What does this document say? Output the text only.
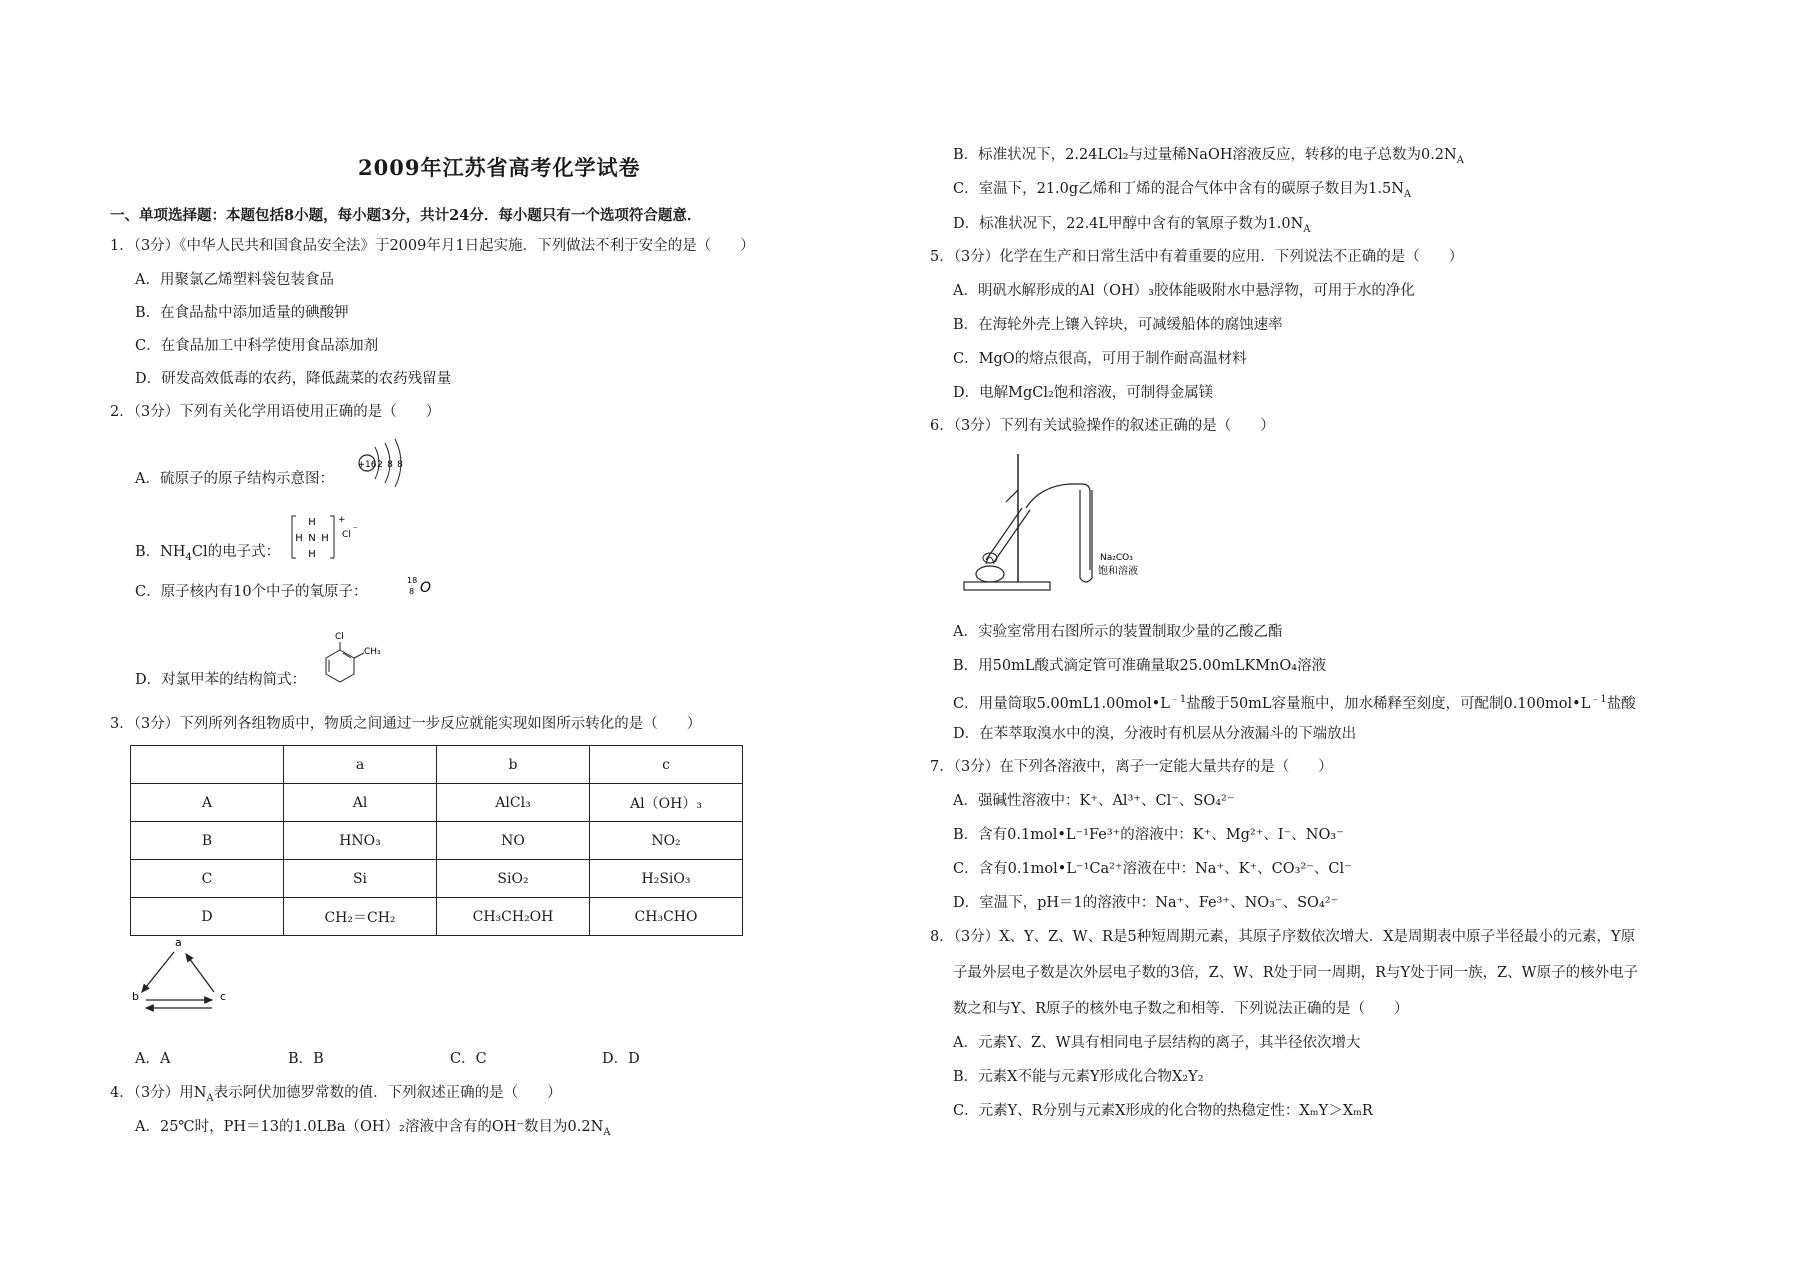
2009年江苏省高考化学试卷
一、单项选择题：本题包括8小题，每小题3分，共计24分．每小题只有一个选项符合题意．
1．（3分）《中华人民共和国食品安全法》于2009年月1日起实施．下列做法不利于安全的是（　　）
A．用聚氯乙烯塑料袋包装食品
B．在食品盐中添加适量的碘酸钾
C．在食品加工中科学使用食品添加剂
D．研发高效低毒的农药，降低蔬菜的农药残留量
2．（3分）下列有关化学用语使用正确的是（　　）
A．硫原子的原子结构示意图：
+16 2 8 8
B．$NH_4Cl$的电子式：
H
H N H
H
+
Cl ⁻
C．原子核内有10个中子的氧原子：
18
8 O
D．对氯甲苯的结构简式：
Cl
CH₃
3．（3分）下列所列各组物质中，物质之间通过一步反应就能实现如图所示转化的是（　　）
	a	b	c
A	Al	AlCl₃	Al（OH）₃
B	HNO₃	NO	NO₂
C	Si	SiO₂	H₂SiO₃
D	CH₂＝CH₂	CH₃CH₂OH	CH₃CHO
a
b	c
A．A	B．B	C．C	D．D
4．（3分）用$N_A$表示阿伏加德罗常数的值．下列叙述正确的是（　　）
A．25℃时，PH＝13的1.0LBa（OH）₂溶液中含有的OH⁻数目为$0.2N_A$
B．标准状况下，2.24LCl₂与过量稀NaOH溶液反应，转移的电子总数为$0.2N_A$
C．室温下，21.0g乙烯和丁烯的混合气体中含有的碳原子数目为$1.5N_A$
D．标准状况下，22.4L甲醇中含有的氧原子数为$1.0N_A$
5．（3分）化学在生产和日常生活中有着重要的应用．下列说法不正确的是（　　）
A．明矾水解形成的Al（OH）₃胶体能吸附水中悬浮物，可用于水的净化
B．在海轮外壳上镶入锌块，可减缓船体的腐蚀速率
C．MgO的熔点很高，可用于制作耐高温材料
D．电解MgCl₂饱和溶液，可制得金属镁
6．（3分）下列有关试验操作的叙述正确的是（　　）
Na₂CO₃
饱和溶液
A．实验室常用右图所示的装置制取少量的乙酸乙酯
B．用50mL酸式滴定管可准确量取25.00mLKMnO₄溶液
C．用量筒取$5.00mL1.00mol•L^{﹣1}$盐酸于50mL容量瓶中，加水稀释至刻度，可配制$0.100mol•L^{﹣1}$盐酸
D．在苯萃取溴水中的溴，分液时有机层从分液漏斗的下端放出
7．（3分）在下列各溶液中，离子一定能大量共存的是（　　）
A．强碱性溶液中：K⁺、Al³⁺、Cl⁻、SO₄²⁻
B．含有0.1mol•L⁻¹Fe³⁺的溶液中：K⁺、Mg²⁺、I⁻、NO₃⁻
C．含有0.1mol•L⁻¹Ca²⁺溶液在中：Na⁺、K⁺、CO₃²⁻、Cl⁻
D．室温下，pH＝1的溶液中：Na⁺、Fe³⁺、NO₃⁻、SO₄²⁻
8．（3分）X、Y、Z、W、R是5种短周期元素，其原子序数依次增大．X是周期表中原子半径最小的元素，Y原
子最外层电子数是次外层电子数的3倍，Z、W、R处于同一周期，R与Y处于同一族，Z、W原子的核外电子
数之和与Y、R原子的核外电子数之和相等．下列说法正确的是（　　）
A．元素Y、Z、W具有相同电子层结构的离子，其半径依次增大
B．元素X不能与元素Y形成化合物X₂Y₂
C．元素Y、R分别与元素X形成的化合物的热稳定性：XₘY＞XₘR
